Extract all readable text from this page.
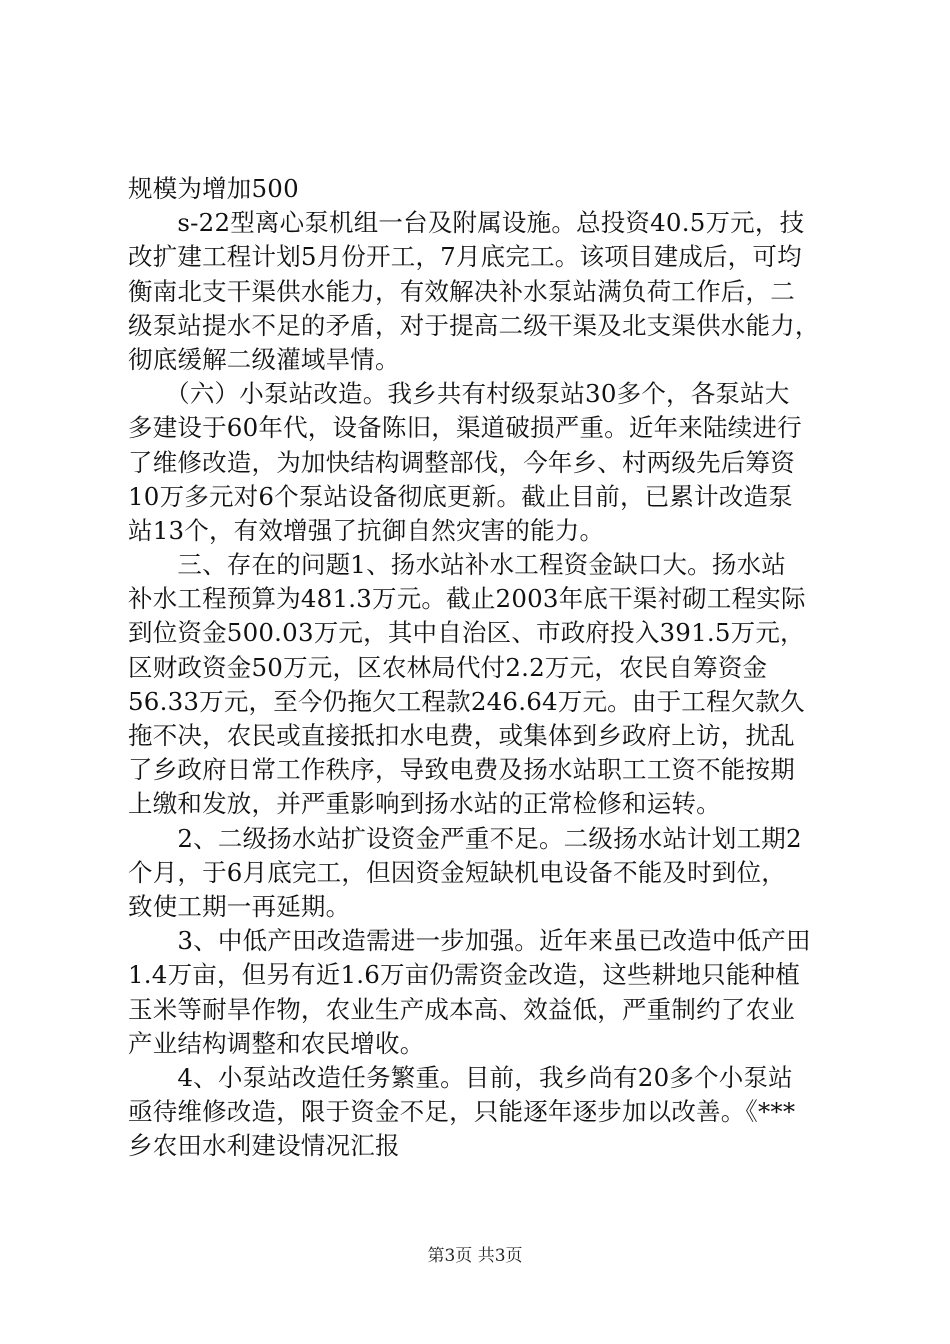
规模为增加500
　　s-22型离心泵机组一台及附属设施。总投资40.5万元，技
改扩建工程计划5月份开工，7月底完工。该项目建成后，可均
衡南北支干渠供水能力，有效解决补水泵站满负荷工作后，二
级泵站提水不足的矛盾，对于提高二级干渠及北支渠供水能力，
彻底缓解二级灌域旱情。
　　（六）小泵站改造。我乡共有村级泵站30多个，各泵站大
多建设于60年代，设备陈旧，渠道破损严重。近年来陆续进行
了维修改造，为加快结构调整部伐，今年乡、村两级先后筹资
10万多元对6个泵站设备彻底更新。截止目前，已累计改造泵
站13个，有效增强了抗御自然灾害的能力。
　　三、存在的问题1、扬水站补水工程资金缺口大。扬水站
补水工程预算为481.3万元。截止2003年底干渠衬砌工程实际
到位资金500.03万元，其中自治区、市政府投入391.5万元，
区财政资金50万元，区农林局代付2.2万元，农民自筹资金
56.33万元，至今仍拖欠工程款246.64万元。由于工程欠款久
拖不决，农民或直接抵扣水电费，或集体到乡政府上访，扰乱
了乡政府日常工作秩序，导致电费及扬水站职工工资不能按期
上缴和发放，并严重影响到扬水站的正常检修和运转。
　　2、二级扬水站扩设资金严重不足。二级扬水站计划工期2
个月，于6月底完工，但因资金短缺机电设备不能及时到位，
致使工期一再延期。
　　3、中低产田改造需进一步加强。近年来虽已改造中低产田
1.4万亩，但另有近1.6万亩仍需资金改造，这些耕地只能种植
玉米等耐旱作物，农业生产成本高、效益低，严重制约了农业
产业结构调整和农民增收。
　　4、小泵站改造任务繁重。目前，我乡尚有20多个小泵站
亟待维修改造，限于资金不足，只能逐年逐步加以改善。《***
乡农田水利建设情况汇报
第3页 共3页
